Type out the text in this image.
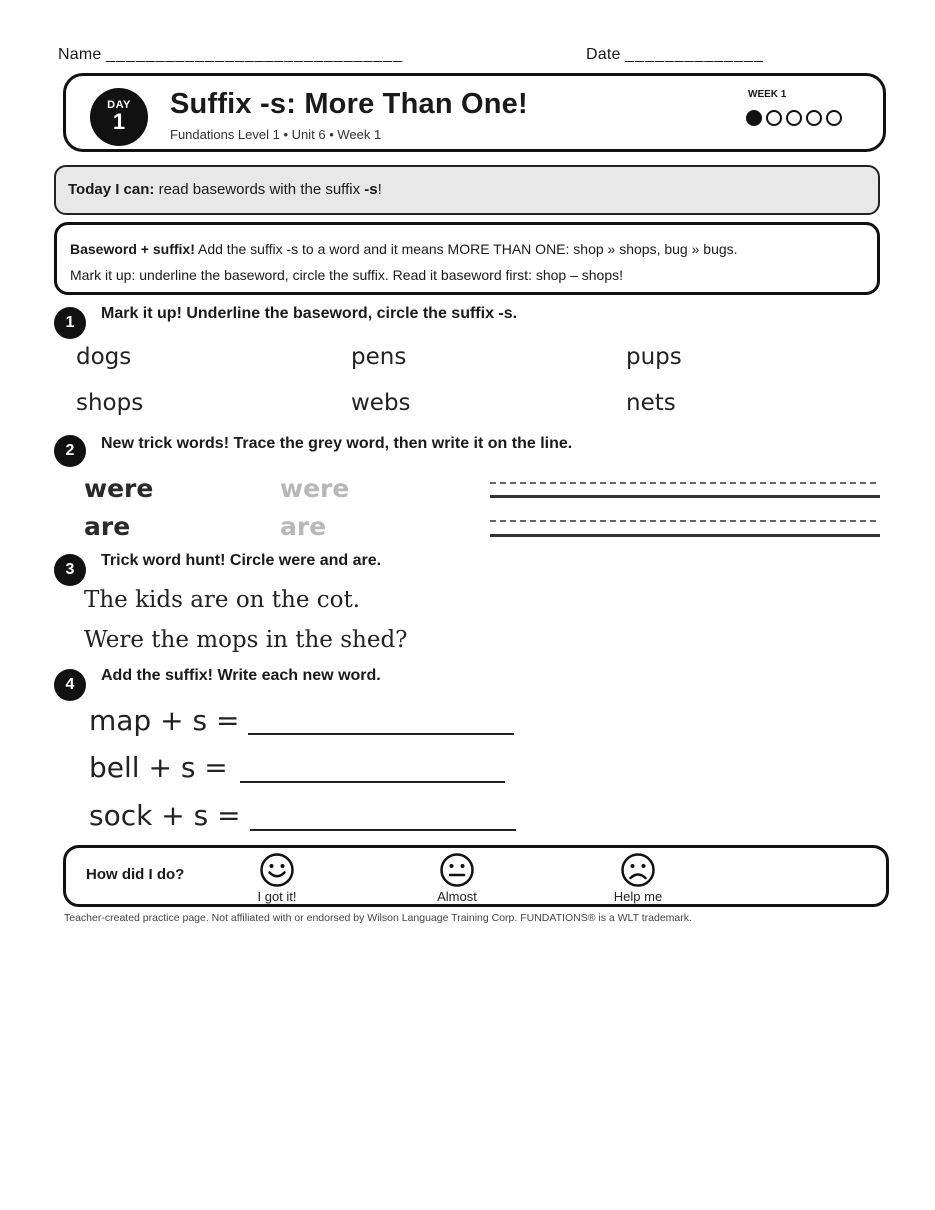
Name ______________________________	Date ______________
DAY
1
Suffix -s: More Than One!
Fundations Level 1 • Unit 6 • Week 1
WEEK 1
Today I can: read basewords with the suffix -s!
Baseword + suffix! Add the suffix -s to a word and it means MORE THAN ONE: shop » shops, bug » bugs.
Mark it up: underline the baseword, circle the suffix. Read it baseword first: shop – shops!
1
Mark it up! Underline the baseword, circle the suffix -s.
dogs	pens	pups
shops	webs	nets
2	New trick words! Trace the grey word, then write it on the line.
were	were
are	are
3
Trick word hunt! Circle were and are.
The kids are on the cot.
Were the mops in the shed?
4
Add the suffix! Write each new word.
map + s =
bell + s =
sock + s =
How did I do?
I got it!	Almost	Help me
Teacher-created practice page. Not affiliated with or endorsed by Wilson Language Training Corp. FUNDATIONS® is a WLT trademark.
